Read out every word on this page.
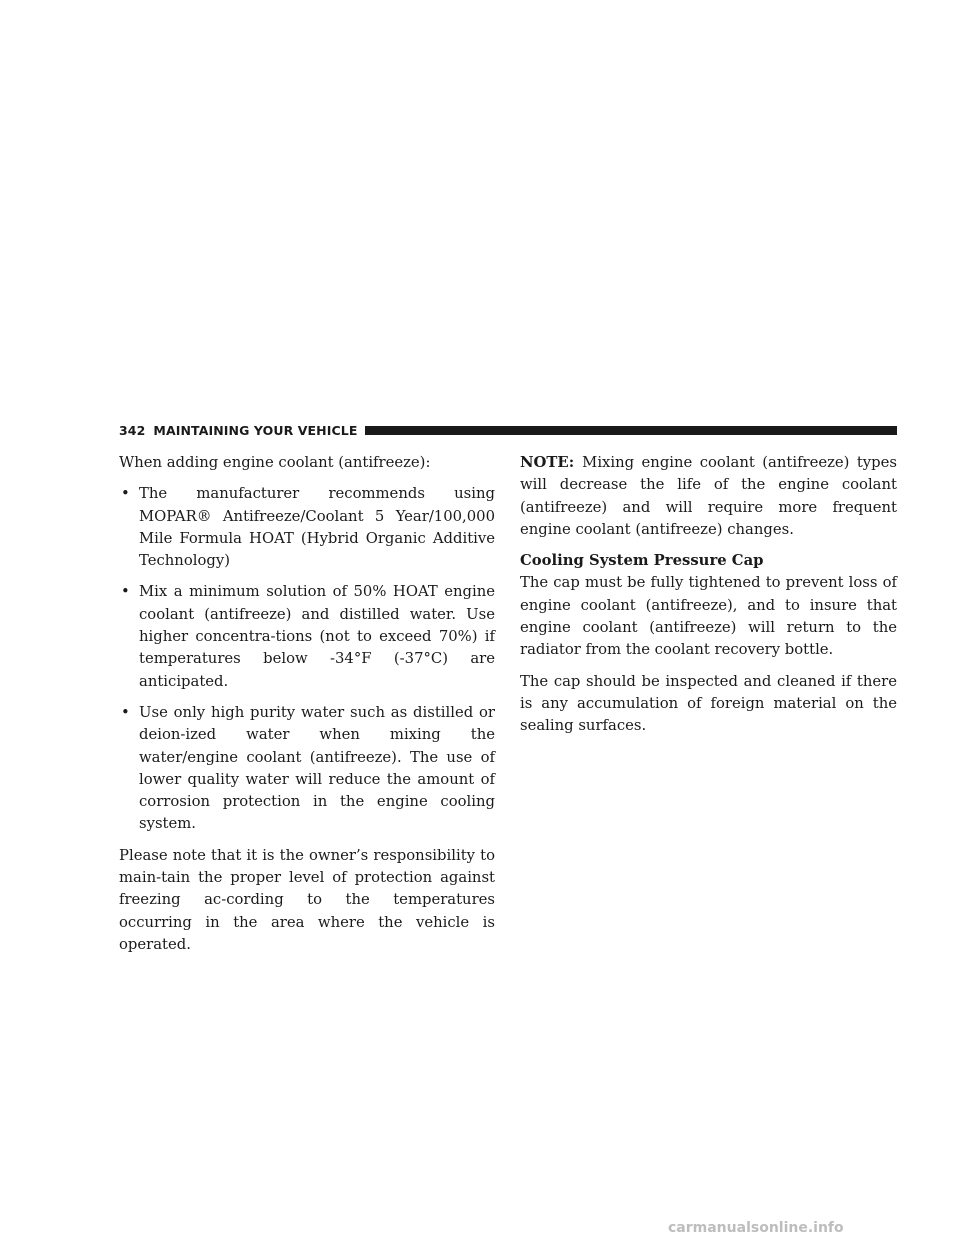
342 MAINTAINING YOUR VEHICLE

When adding engine coolant (antifreeze):

• The manufacturer recommends using MOPAR® Antifreeze/Coolant 5 Year/100,000 Mile Formula HOAT (Hybrid Organic Additive Technology)
• Mix a minimum solution of 50% HOAT engine coolant (antifreeze) and distilled water. Use higher concentra-tions (not to exceed 70%) if temperatures below -34°F (-37°C) are anticipated.
• Use only high purity water such as distilled or deion-ized water when mixing the water/engine coolant (antifreeze). The use of lower quality water will reduce the amount of corrosion protection in the engine cooling system.

Please note that it is the owner’s responsibility to main-tain the proper level of protection against freezing ac-cording to the temperatures occurring in the area where the vehicle is operated.

NOTE: Mixing engine coolant (antifreeze) types will decrease the life of the engine coolant (antifreeze) and will require more frequent engine coolant (antifreeze) changes.

Cooling System Pressure Cap

The cap must be fully tightened to prevent loss of engine coolant (antifreeze), and to insure that engine coolant (antifreeze) will return to the radiator from the coolant recovery bottle.

The cap should be inspected and cleaned if there is any accumulation of foreign material on the sealing surfaces.

carmanualsonline.info
